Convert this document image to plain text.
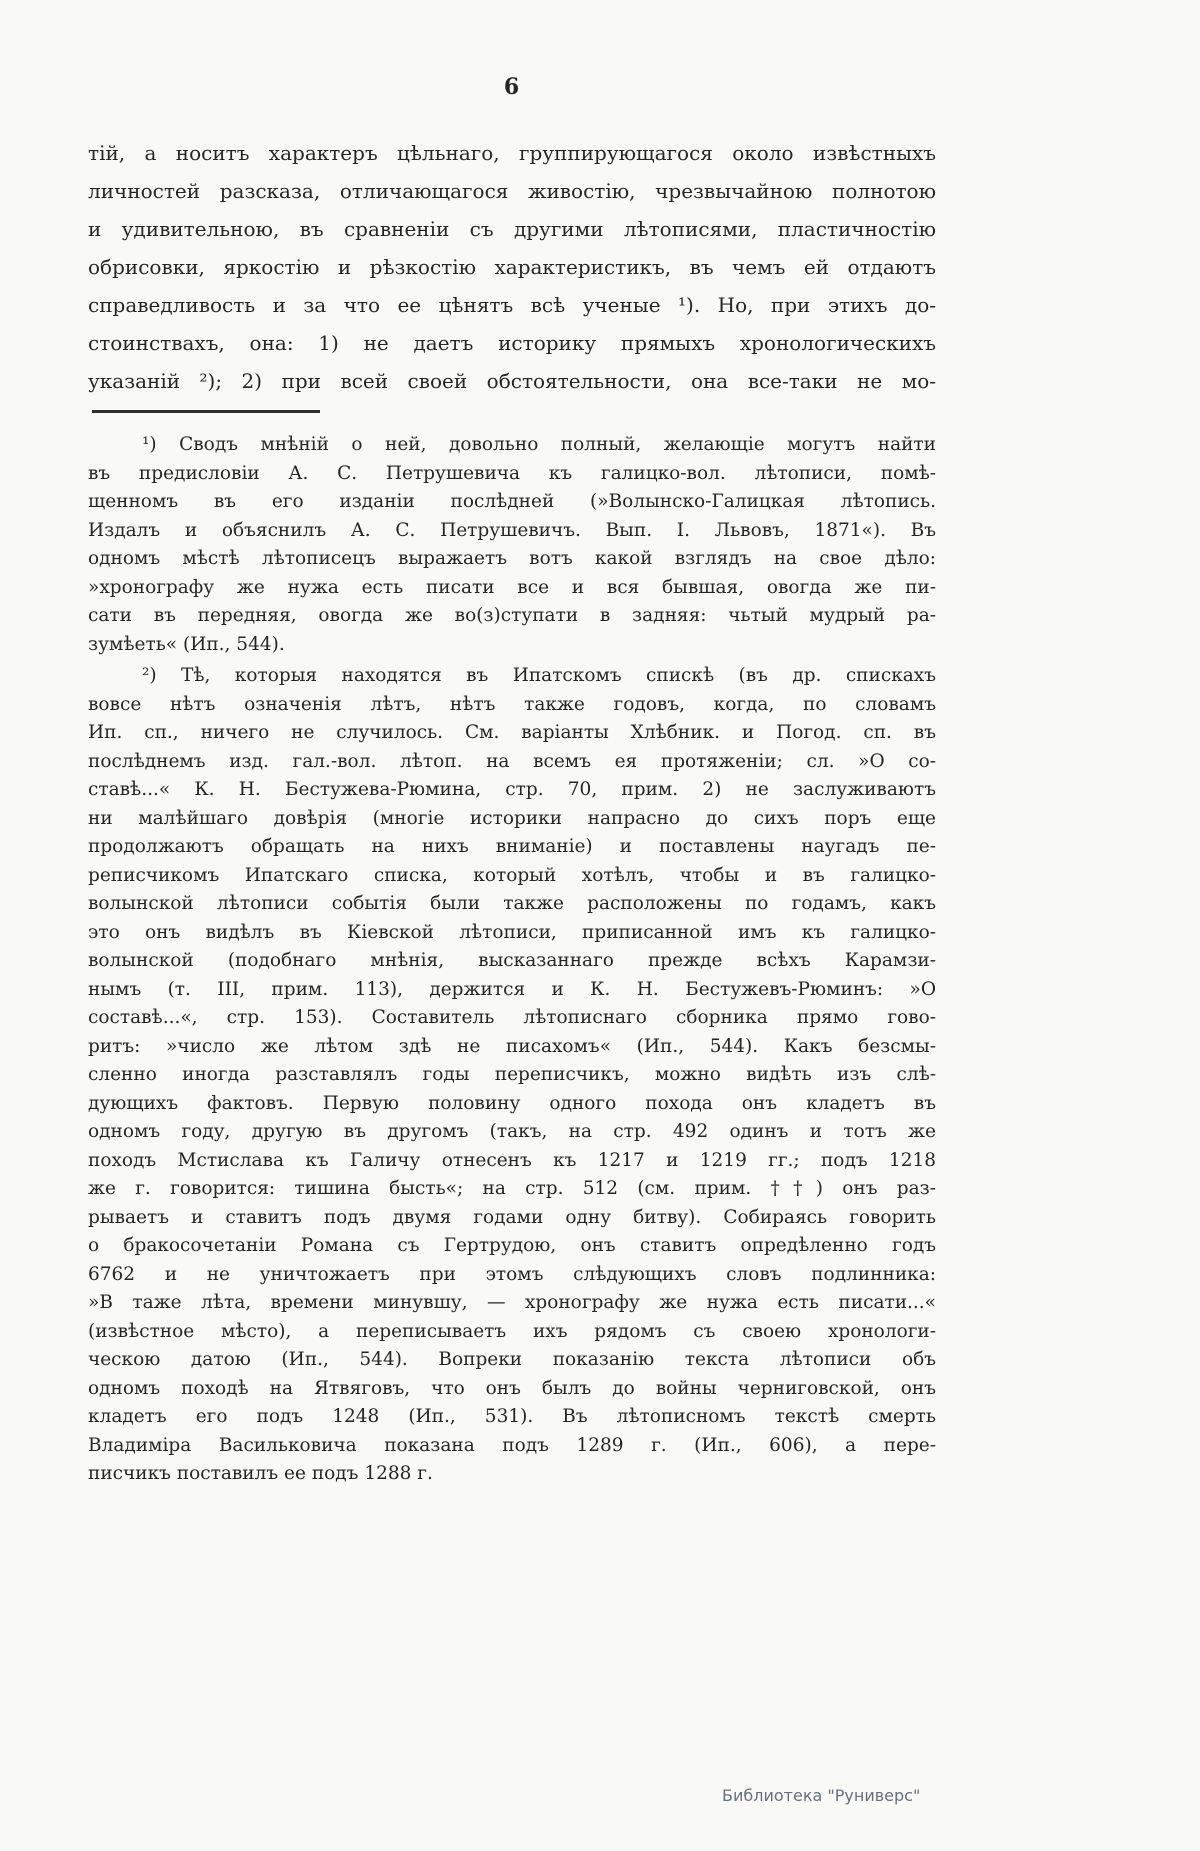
6
тій, а носитъ характеръ цѣльнаго, группирующагося около извѣстныхъ
личностей разсказа, отличающагося живостію, чрезвычайною полнотою
и удивительною, въ сравненіи съ другими лѣтописями, пластичностію
обрисовки, яркостію и рѣзкостію характеристикъ, въ чемъ ей отдаютъ
справедливость и за что ее цѣнятъ всѣ ученые ¹). Но, при этихъ до-
стоинствахъ, она: 1) не даетъ историку прямыхъ хронологическихъ
указаній ²); 2) при всей своей обстоятельности, она все-таки не мо-
¹) Сводъ мнѣній о ней, довольно полный, желающіе могутъ найти
въ предисловіи А. С. Петрушевича къ галицко-вол. лѣтописи, помѣ-
щенномъ въ его изданіи послѣдней (»Волынско-Галицкая лѣтопись.
Издалъ и объяснилъ А. С. Петрушевичъ. Вып. I. Львовъ, 1871«). Въ
одномъ мѣстѣ лѣтописецъ выражаетъ вотъ какой взглядъ на свое дѣло:
»хронографу же нужа есть писати все и вся бывшая, овогда же пи-
сати въ передняя, овогда же во(з)ступати в задняя: чьтый мудрый ра-
зумѣеть« (Ип., 544).
²) Тѣ, которыя находятся въ Ипатскомъ спискѣ (въ др. спискахъ
вовсе нѣтъ означенія лѣтъ, нѣтъ также годовъ, когда, по словамъ
Ип. сп., ничего не случилось. См. варіанты Хлѣбник. и Погод. сп. въ
послѣднемъ изд. гал.-вол. лѣтоп. на всемъ ея протяженіи; сл. »О со-
ставѣ...« К. Н. Бестужева-Рюмина, стр. 70, прим. 2) не заслуживаютъ
ни малѣйшаго довѣрія (многіе историки напрасно до сихъ поръ еще
продолжаютъ обращать на нихъ вниманіе) и поставлены наугадъ пе-
реписчикомъ Ипатскаго списка, который хотѣлъ, чтобы и въ галицко-
волынской лѣтописи событія были также расположены по годамъ, какъ
это онъ видѣлъ въ Кіевской лѣтописи, приписанной имъ къ галицко-
волынской (подобнаго мнѣнія, высказаннаго прежде всѣхъ Карамзи-
нымъ (т. III, прим. 113), держится и К. Н. Бестужевъ-Рюминъ: »О
составѣ...«, стр. 153). Составитель лѣтописнаго сборника прямо гово-
ритъ: »число же лѣтом здѣ не писахомъ« (Ип., 544). Какъ безсмы-
сленно иногда разставлялъ годы переписчикъ, можно видѣть изъ слѣ-
дующихъ фактовъ. Первую половину одного похода онъ кладетъ въ
одномъ году, другую въ другомъ (такъ, на стр. 492 одинъ и тотъ же
походъ Мстислава къ Галичу отнесенъ къ 1217 и 1219 гг.; подъ 1218
же г. говорится: тишина бысть«; на стр. 512 (см. прим. ††) онъ раз-
рываетъ и ставитъ подъ двумя годами одну битву). Собираясь говорить
о бракосочетаніи Романа съ Гертрудою, онъ ставитъ опредѣленно годъ
6762 и не уничтожаетъ при этомъ слѣдующихъ словъ подлинника:
»В таже лѣта, времени минувшу, — хронографу же нужа есть писати...«
(извѣстное мѣсто), а переписываетъ ихъ рядомъ съ своею хронологи-
ческою датою (Ип., 544). Вопреки показанію текста лѣтописи объ
одномъ походѣ на Ятвяговъ, что онъ былъ до войны черниговской, онъ
кладетъ его подъ 1248 (Ип., 531). Въ лѣтописномъ текстѣ смерть
Владиміра Васильковича показана подъ 1289 г. (Ип., 606), а пере-
писчикъ поставилъ ее подъ 1288 г.
Библиотека "Руниверс"
